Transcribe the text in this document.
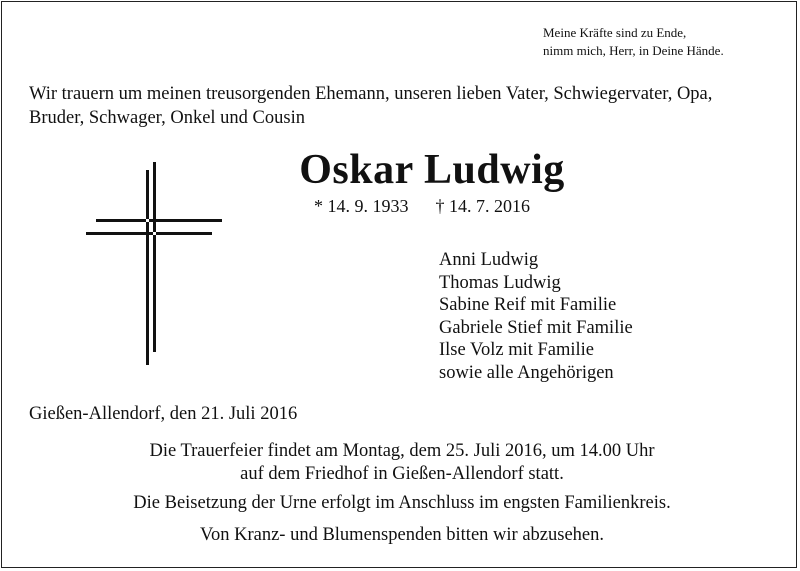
Meine Kräfte sind zu Ende,
nimm mich, Herr, in Deine Hände.
Wir trauern um meinen treusorgenden Ehemann, unseren lieben Vater, Schwiegervater, Opa,
Bruder, Schwager, Onkel und Cousin
Oskar Ludwig
* 14. 9. 1933 † 14. 7. 2016
Anni Ludwig
Thomas Ludwig
Sabine Reif mit Familie
Gabriele Stief mit Familie
Ilse Volz mit Familie
sowie alle Angehörigen
Gießen-Allendorf, den 21. Juli 2016
Die Trauerfeier findet am Montag, dem 25. Juli 2016, um 14.00 Uhr
auf dem Friedhof in Gießen-Allendorf statt.
Die Beisetzung der Urne erfolgt im Anschluss im engsten Familienkreis.
Von Kranz- und Blumenspenden bitten wir abzusehen.
